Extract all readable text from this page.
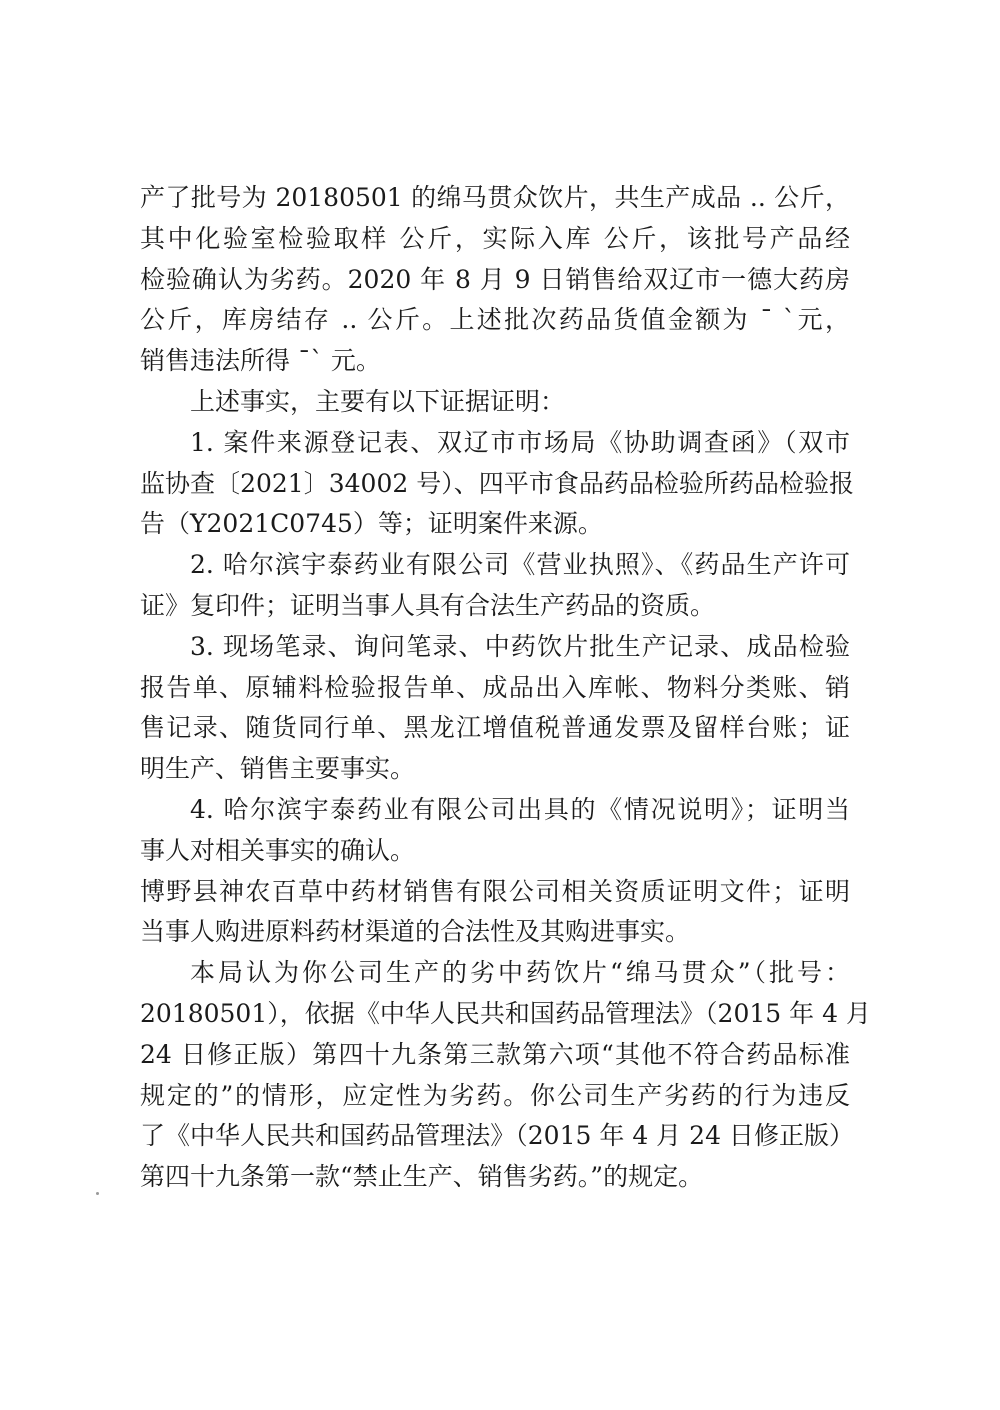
产了批号为 20180501 的绵马贯众饮片，共生产成品 .. 公斤，
其中化验室检验取样 公斤，实际入库 公斤，该批号产品经
检验确认为劣药。2020 年 8 月 9 日销售给双辽市一德大药房
公斤，库房结存 .. 公斤。上述批次药品货值金额为 ˉ ˋ元，
销售违法所得 ˉˋ 元。
上述事实，主要有以下证据证明：
1. 案件来源登记表、双辽市市场局《协助调查函》（双市
监协查〔2021〕34002 号）、四平市食品药品检验所药品检验报
告（Y2021C0745）等；证明案件来源。
2. 哈尔滨宇泰药业有限公司《营业执照》、《药品生产许可
证》复印件；证明当事人具有合法生产药品的资质。
3. 现场笔录、询问笔录、中药饮片批生产记录、成品检验
报告单、原辅料检验报告单、成品出入库帐、物料分类账、销
售记录、随货同行单、黑龙江增值税普通发票及留样台账；证
明生产、销售主要事实。
4. 哈尔滨宇泰药业有限公司出具的《情况说明》；证明当
事人对相关事实的确认。
博野县神农百草中药材销售有限公司相关资质证明文件；证明
当事人购进原料药材渠道的合法性及其购进事实。
本局认为你公司生产的劣中药饮片“绵马贯众”（批号：
20180501），依据《中华人民共和国药品管理法》（2015 年 4 月
24 日修正版）第四十九条第三款第六项“其他不符合药品标准
规定的”的情形，应定性为劣药。你公司生产劣药的行为违反
了《中华人民共和国药品管理法》（2015 年 4 月 24 日修正版）
第四十九条第一款“禁止生产、销售劣药。”的规定。
